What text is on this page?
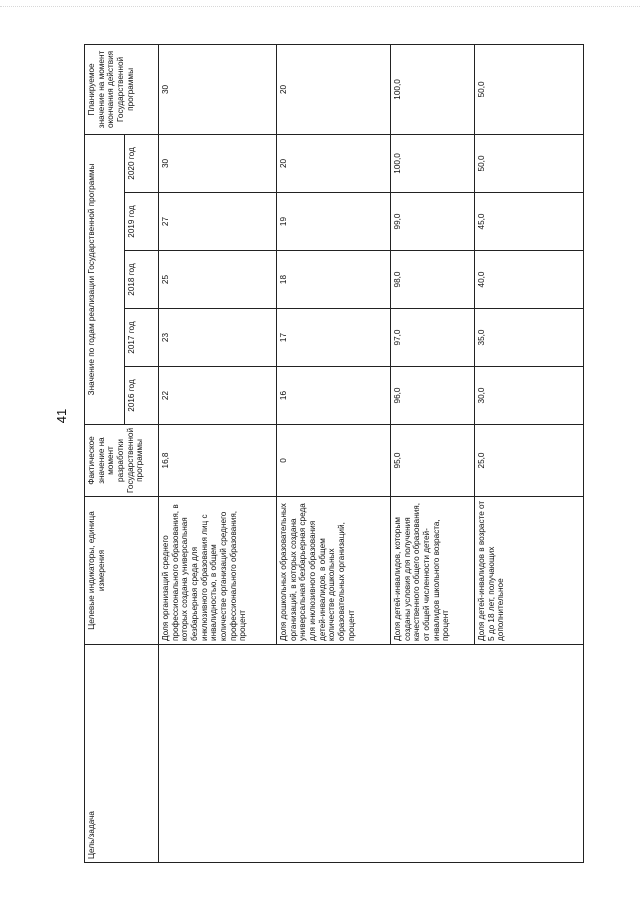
41
Цель/задача	Целевые индикаторы, единица измерения	Фактическое значение на момент разработки Государственной программы	Значение по годам реализации Государственной программы					Планируемое значение на момент окончания действия Государственной программы
			2016 год	2017 год	2018 год	2019 год	2020 год	
	Доля организаций среднего профессионального образования, в которых создана универсальная безбарьерная среда для инклюзивного образования лиц с инвалидностью, в общем количестве организаций среднего профессионального образования, процент	16,8	22	23	25	27	30	30
	Доля дошкольных образовательных организаций, в которых создана универсальная безбарьерная среда для инклюзивного образования детей-инвалидов, в общем количестве дошкольных образовательных организаций, процент	0	16	17	18	19	20	20
	Доля детей-инвалидов, которым созданы условия для получения качественного общего образования, от общей численности детей-инвалидов школьного возраста, процент	95,0	96,0	97,0	98,0	99,0	100,0	100,0
	Доля детей-инвалидов в возрасте от 5 до 18 лет, получающих дополнительное	25,0	30,0	35,0	40,0	45,0	50,0	50,0
